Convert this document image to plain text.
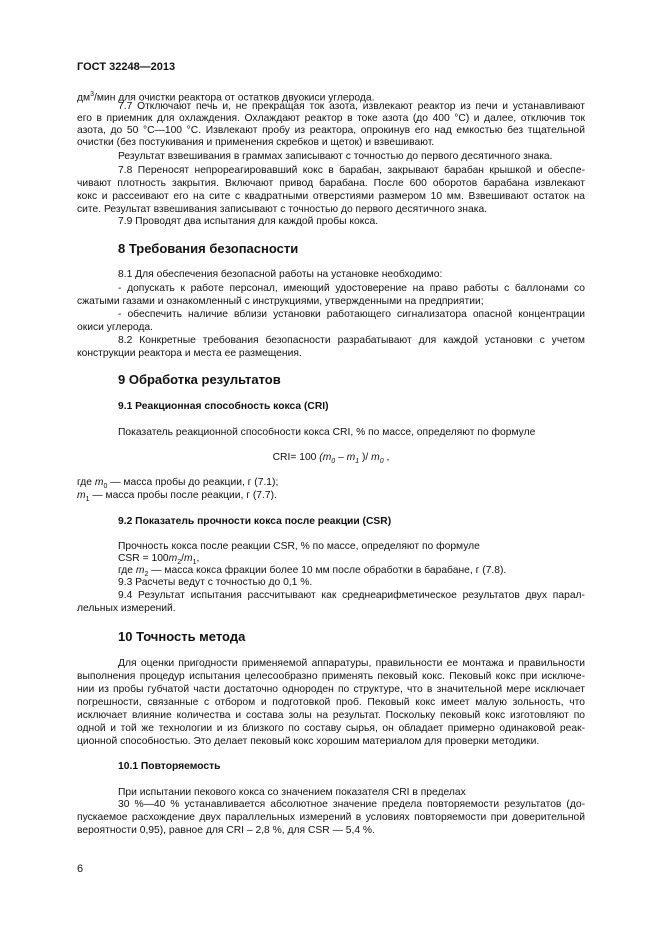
ГОСТ 32248—2013
$дм^3$/мин для очистки реактора от остатков двуокиси углерода.
7.7 Отключают печь и, не прекращая ток азота, извлекают реактор из печи и устанавливают
его в приемник для охлаждения. Охлаждают реактор в токе азота (до 400 °С) и далее, отключив ток
азота, до 50 °С—100 °С. Извлекают пробу из реактора, опрокинув его над емкостью без тщательной
очистки (без постукивания и применения скребков и щеток) и взвешивают.
Результат взвешивания в граммах записывают с точностью до первого десятичного знака.
7.8 Переносят непрореагировавший кокс в барабан, закрывают барабан крышкой и обеспе-
чивают плотность закрытия. Включают привод барабана. После 600 оборотов барабана извлекают
кокс и рассеивают его на сите с квадратными отверстиями размером 10 мм. Взвешивают остаток на
сите. Результат взвешивания записывают с точностью до первого десятичного знака.
7.9 Проводят два испытания для каждой пробы кокса.
8 Требования безопасности
8.1 Для обеспечения безопасной работы на установке необходимо:
- допускать к работе персонал, имеющий удостоверение на право работы с баллонами со
сжатыми газами и ознакомленный с инструкциями, утвержденными на предприятии;
- обеспечить наличие вблизи установки работающего сигнализатора опасной концентрации
окиси углерода.
8.2 Конкретные требования безопасности разрабатывают для каждой установки с учетом
конструкции реактора и места ее размещения.
9 Обработка результатов
9.1 Реакционная способность кокса (CRI)
Показатель реакционной способности кокса CRI, % по массе, определяют по формуле
CRI= 100 ($m_0 - m_1$ )/ $m_0$ ,
где $m_0$ — масса пробы до реакции, г (7.1);
$m_1$ — масса пробы после реакции, г (7.7).
9.2 Показатель прочности кокса после реакции (CSR)
Прочность кокса после реакции CSR, % по массе, определяют по формуле
CSR = $100m_2/m_1$,
где $m_2$ — масса кокса фракции более 10 мм после обработки в барабане, г (7.8).
9.3 Расчеты ведут с точностью до 0,1 %.
9.4 Результат испытания рассчитывают как среднеарифметическое результатов двух парал-
лельных измерений.
10 Точность метода
Для оценки пригодности применяемой аппаратуры, правильности ее монтажа и правильности
выполнения процедур испытания целесообразно применять пековый кокс. Пековый кокс при исключе-
нии из пробы губчатой части достаточно однороден по структуре, что в значительной мере исключает
погрешности, связанные с отбором и подготовкой проб. Пековый кокс имеет малую зольность, что
исключает влияние количества и состава золы на результат. Поскольку пековый кокс изготовляют по
одной и той же технологии и из близкого по составу сырья, он обладает примерно одинаковой реак-
ционной способностью. Это делает пековый кокс хорошим материалом для проверки методики.
10.1 Повторяемость
При испытании пекового кокса со значением показателя CRI в пределах
30 %—40 % устанавливается абсолютное значение предела повторяемости результатов (до-
пускаемое расхождение двух параллельных измерений в условиях повторяемости при доверительной
вероятности 0,95), равное для CRI – 2,8 %, для CSR — 5,4 %.
6
